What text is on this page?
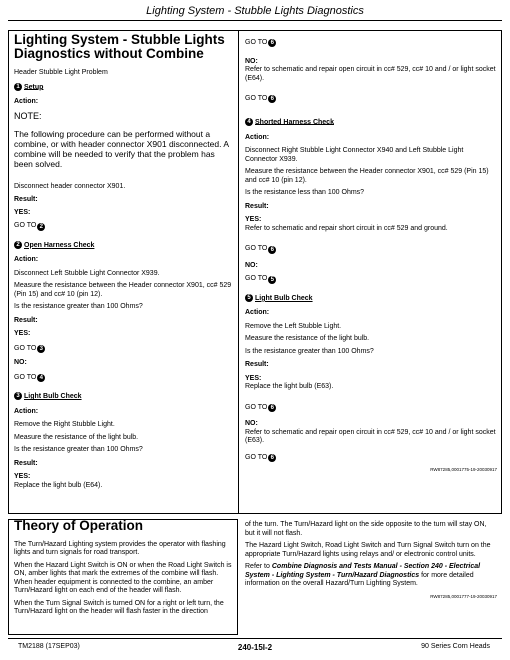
Lighting System - Stubble Lights Diagnostics
Lighting System - Stubble Lights
Diagnostics without Combine

Header Stubble Light Problem

1 Setup

Action:

NOTE:

The following procedure can be performed without a combine, or with header connector X901 disconnected. A combine will be needed to verify that the problem has been solved.

Disconnect header connector X901.

Result:

YES:

GO TO 2

2 Open Harness Check

Action:

Disconnect Left Stubble Light Connector X939.

Measure the resistance between the Header connector X901, cc# 529 (Pin 15) and cc# 10 (pin 12).

Is the resistance greater than 100 Ohms?

Result:

YES:

GO TO 3

NO:

GO TO 4

3 Light Bulb Check

Action:

Remove the Right Stubble Light.

Measure the resistance of the light bulb.

Is the resistance greater than 100 Ohms?

Result:

YES:

Replace the light bulb (E64).

GO TO 6

NO:

Refer to schematic and repair open circuit in cc# 529, cc# 10 and / or light socket (E64).

GO TO 6

4 Shorted Harness Check

Action:

Disconnect Right Stubble Light Connector X940 and Left Stubble Light Connector X939.

Measure the resistance between the Header connector X901, cc# 529 (Pin 15) and cc# 10 (pin 12).

Is the resistance less than 100 Ohms?

Result:

YES:

Refer to schematic and repair short circuit in cc# 529 and ground.

GO TO 6

NO:

GO TO 5

5 Light Bulb Check

Action:

Remove the Left Stubble Light.

Measure the resistance of the light bulb.

Is the resistance greater than 100 Ohms?

Result:

YES:

Replace the light bulb (E63).

GO TO 6

NO:

Refer to schematic and repair open circuit in cc# 529, cc# 10 and / or light socket (E63).

GO TO 6

RW87285,0001775-19-20030917

Theory of Operation

The Turn/Hazard Lighting system provides the operator with flashing lights and turn signals for road transport.

When the Hazard Light Switch is ON or when the Road Light Switch is ON, amber lights that mark the extremes of the combine will flash. When header equipment is connected to the combine, an amber Turn/Hazard light on each end of the header will flash.

When the Turn Signal Switch is turned ON for a right or left turn, the Turn/Hazard light on the header will flash faster in the direction

of the turn. The Turn/Hazard light on the side opposite to the turn will stay ON, but it will not flash.

The Hazard Light Switch, Road Light Switch and Turn Signal Switch turn on the appropriate Turn/Hazard lights using relays and/ or electronic control units.

Refer to Combine Diagnosis and Tests Manual - Section 240 - Electrical System - Lighting System - Turn/Hazard Diagnostics for more detailed information on the overall Hazard/Turn Lighting System.

RW87285,0001777-19-20030917

TM2188 (17SEP03)	240-15I-2	90 Series Corn Heads
